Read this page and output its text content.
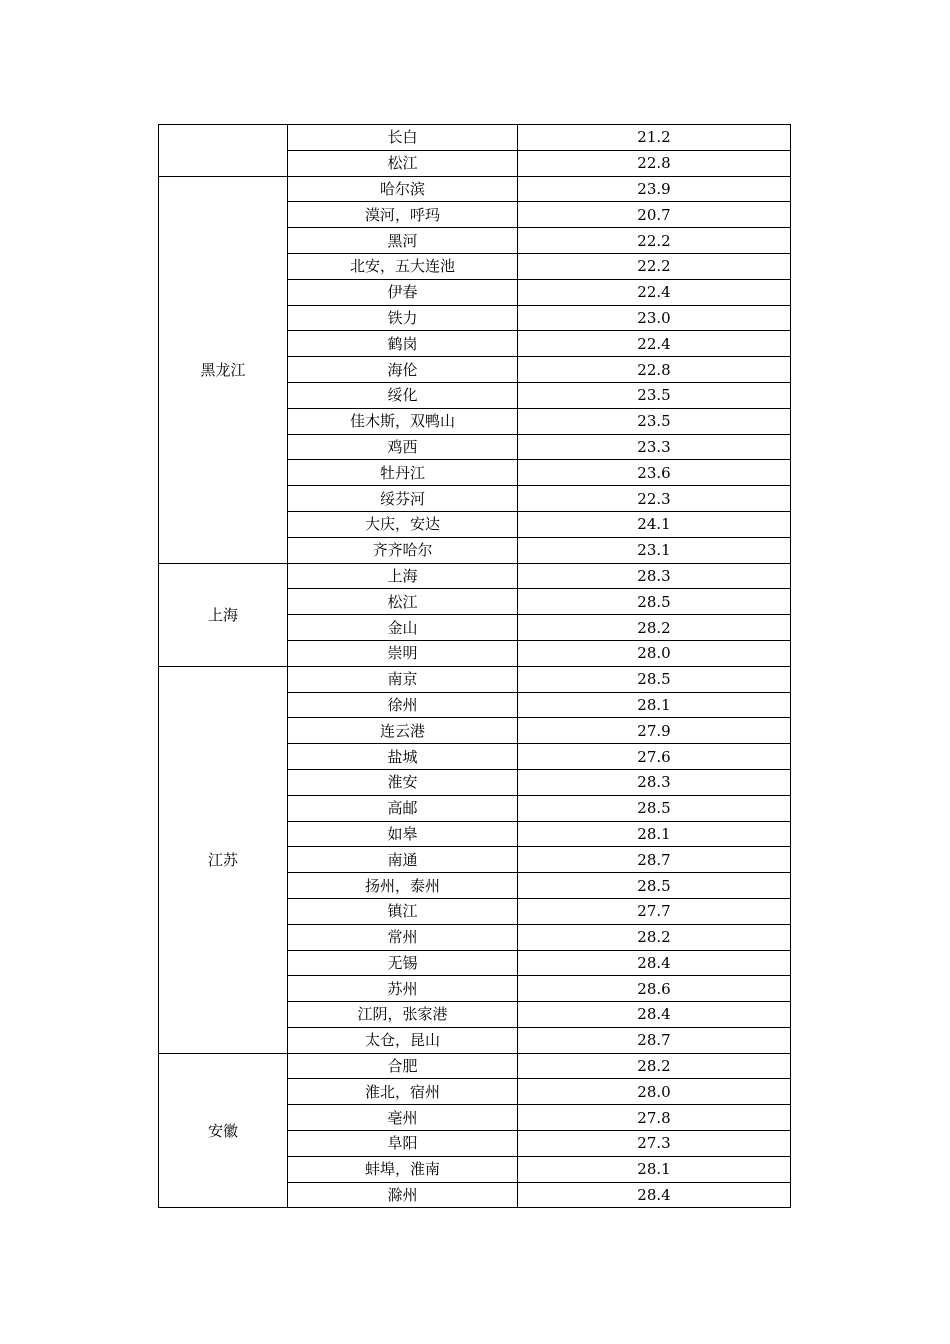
	长白	21.2
	松江	22.8
黑龙江	哈尔滨	23.9
	漠河，呼玛	20.7
	黑河	22.2
	北安，五大连池	22.2
	伊春	22.4
	铁力	23.0
	鹤岗	22.4
	海伦	22.8
	绥化	23.5
	佳木斯，双鸭山	23.5
	鸡西	23.3
	牡丹江	23.6
	绥芬河	22.3
	大庆，安达	24.1
	齐齐哈尔	23.1
上海	上海	28.3
	松江	28.5
	金山	28.2
	崇明	28.0
江苏	南京	28.5
	徐州	28.1
	连云港	27.9
	盐城	27.6
	淮安	28.3
	高邮	28.5
	如皋	28.1
	南通	28.7
	扬州，泰州	28.5
	镇江	27.7
	常州	28.2
	无锡	28.4
	苏州	28.6
	江阴，张家港	28.4
	太仓，昆山	28.7
安徽	合肥	28.2
	淮北，宿州	28.0
	亳州	27.8
	阜阳	27.3
	蚌埠，淮南	28.1
	滁州	28.4
